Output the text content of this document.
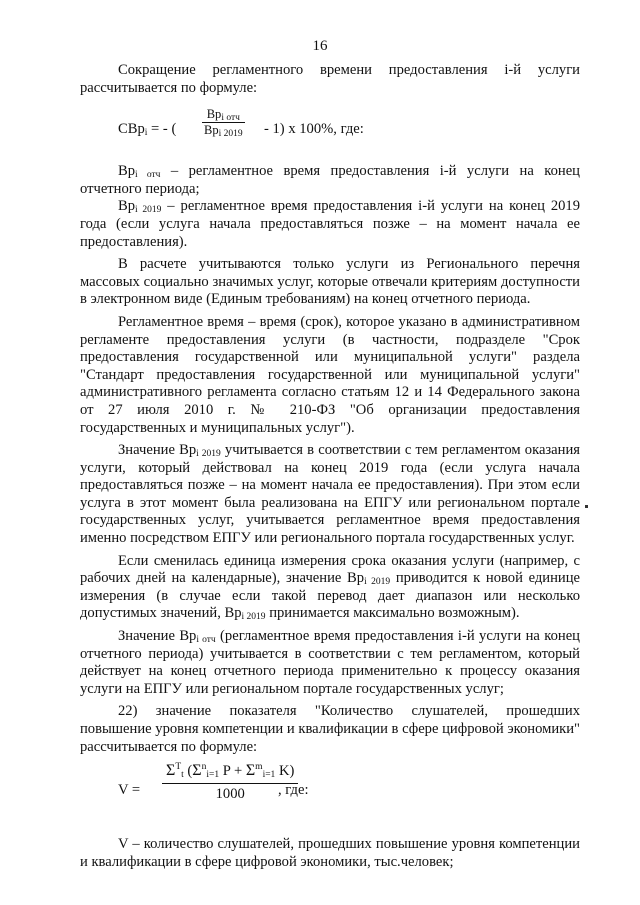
16

Сокращение регламентного времени предоставления i-й услуги рассчитывается по формуле:

СВр$_i$ = - (
$Вр_{i отч}$
$Вр_{i 2019} - 1$) х 100%, где:

$Вр_{i отч}$ – регламентное время предоставления i-й услуги на конец отчетного периода;

$Вр_{i 2019}$ – регламентное время предоставления i-й услуги на конец 2019 года (если услуга начала предоставляться позже – на момент начала ее предоставления).

В расчете учитываются только услуги из Регионального перечня массовых социально значимых услуг, которые отвечали критериям доступности в электронном виде (Единым требованиям) на конец отчетного периода.

Регламентное время – время (срок), которое указано в административном регламенте предоставления услуги (в частности, подразделе "Срок предоставления государственной или муниципальной услуги" раздела "Стандарт предоставления государственной или муниципальной услуги" административного регламента согласно статьям 12 и 14 Федерального закона от 27 июля 2010 г. № 210-ФЗ "Об организации предоставления государственных и муниципальных услуг").

Значение $Вр_{i 2019}$ учитывается в соответствии с тем регламентом оказания услуги, который действовал на конец 2019 года (если услуга начала предоставляться позже – на момент начала ее предоставления). При этом если услуга в этот момент была реализована на ЕПГУ или региональном портале государственных услуг, учитывается регламентное время предоставления именно посредством ЕПГУ или регионального портала государственных услуг.

Если сменилась единица измерения срока оказания услуги (например, с рабочих дней на календарные), значение $Вр_{i 2019}$ приводится к новой единице измерения (в случае если такой перевод дает диапазон или несколько допустимых значений, $Вр_{i 2019}$ принимается максимально возможным).

Значение $Вр_{i отч}$ (регламентное время предоставления i-й услуги на конец отчетного периода) учитывается в соответствии с тем регламентом, который действует на конец отчетного периода применительно к процессу оказания услуги на ЕПГУ или региональном портале государственных услуг;

22) значение показателя "Количество слушателей, прошедших повышение уровня компетенции и квалификации в сфере цифровой экономики" рассчитывается по формуле:

V =
$\Sigma^T_t$ ($\Sigma^n_{i=1}$ $P + \Sigma^m_{i=1}$ K)
1000	, где:

V – количество слушателей, прошедших повышение уровня компетенции и квалификации в сфере цифровой экономики, тыс.человек;
